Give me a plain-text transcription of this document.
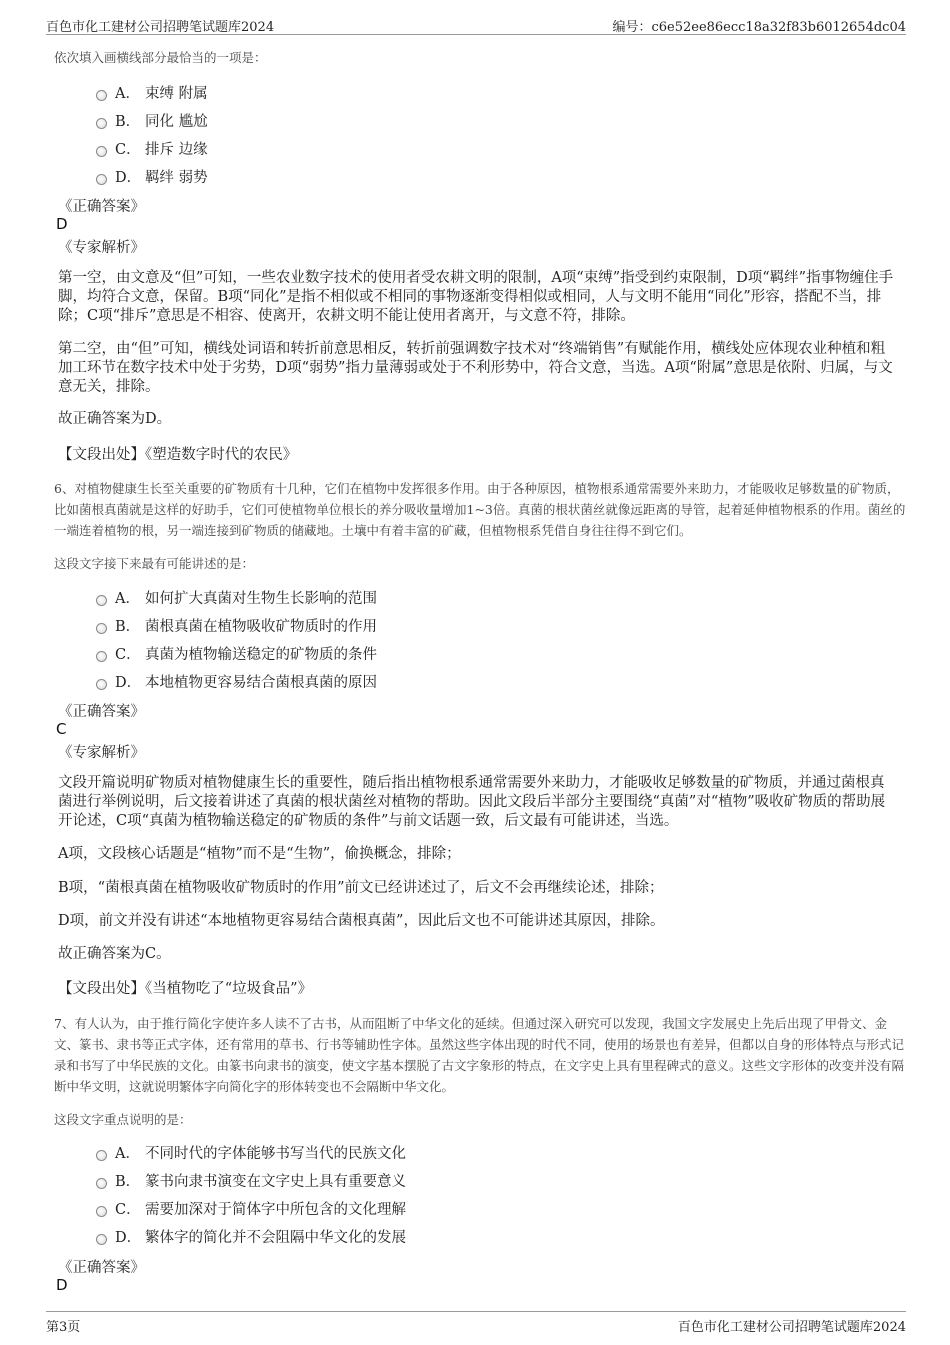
百色市化工建材公司招聘笔试题库2024	编号：c6e52ee86ecc18a32f83b6012654dc04
依次填入画横线部分最恰当的一项是：
A． 束缚 附属
B． 同化 尴尬
C． 排斥 边缘
D． 羁绊 弱势
《正确答案》
D
《专家解析》
第一空，由文意及“但”可知，一些农业数字技术的使用者受农耕文明的限制，A项“束缚”指受到约束限制，D项“羁绊”指事物缠住手脚，均符合文意，保留。B项“同化”是指不相似或不相同的事物逐渐变得相似或相同，人与文明不能用“同化”形容，搭配不当，排除；C项“排斥”意思是不相容、使离开，农耕文明不能让使用者离开，与文意不符，排除。
第二空，由“但”可知，横线处词语和转折前意思相反，转折前强调数字技术对“终端销售”有赋能作用，横线处应体现农业种植和粗加工环节在数字技术中处于劣势，D项“弱势”指力量薄弱或处于不利形势中，符合文意，当选。A项“附属”意思是依附、归属，与文意无关，排除。
故正确答案为D。
【文段出处】《塑造数字时代的农民》
6、对植物健康生长至关重要的矿物质有十几种，它们在植物中发挥很多作用。由于各种原因，植物根系通常需要外来助力，才能吸收足够数量的矿物质，比如菌根真菌就是这样的好助手，它们可使植物单位根长的养分吸收量增加1~3倍。真菌的根状菌丝就像远距离的导管，起着延伸植物根系的作用。菌丝的一端连着植物的根，另一端连接到矿物质的储藏地。土壤中有着丰富的矿藏，但植物根系凭借自身往往得不到它们。
这段文字接下来最有可能讲述的是：
A． 如何扩大真菌对生物生长影响的范围
B． 菌根真菌在植物吸收矿物质时的作用
C． 真菌为植物输送稳定的矿物质的条件
D． 本地植物更容易结合菌根真菌的原因
《正确答案》
C
《专家解析》
文段开篇说明矿物质对植物健康生长的重要性，随后指出植物根系通常需要外来助力，才能吸收足够数量的矿物质，并通过菌根真菌进行举例说明，后文接着讲述了真菌的根状菌丝对植物的帮助。因此文段后半部分主要围绕“真菌”对“植物”吸收矿物质的帮助展开论述，C项“真菌为植物输送稳定的矿物质的条件”与前文话题一致，后文最有可能讲述，当选。
A项，文段核心话题是“植物”而不是“生物”，偷换概念，排除；
B项，“菌根真菌在植物吸收矿物质时的作用”前文已经讲述过了，后文不会再继续论述，排除；
D项，前文并没有讲述“本地植物更容易结合菌根真菌”，因此后文也不可能讲述其原因，排除。
故正确答案为C。
【文段出处】《当植物吃了“垃圾食品”》
7、有人认为，由于推行简化字使许多人读不了古书，从而阻断了中华文化的延续。但通过深入研究可以发现，我国文字发展史上先后出现了甲骨文、金文、篆书、隶书等正式字体，还有常用的草书、行书等辅助性字体。虽然这些字体出现的时代不同，使用的场景也有差异，但都以自身的形体特点与形式记录和书写了中华民族的文化。由篆书向隶书的演变，使文字基本摆脱了古文字象形的特点，在文字史上具有里程碑式的意义。这些文字形体的改变并没有隔断中华文明，这就说明繁体字向简化字的形体转变也不会隔断中华文化。
这段文字重点说明的是：
A． 不同时代的字体能够书写当代的民族文化
B． 篆书向隶书演变在文字史上具有重要意义
C． 需要加深对于简体字中所包含的文化理解
D． 繁体字的简化并不会阻隔中华文化的发展
《正确答案》
D
第3页	百色市化工建材公司招聘笔试题库2024
